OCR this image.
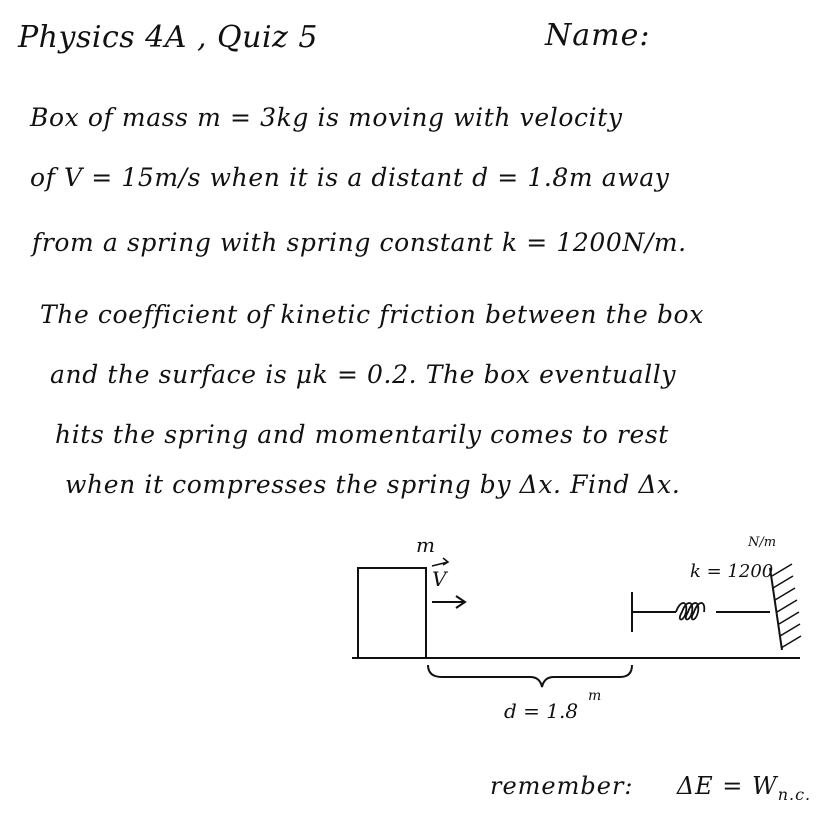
Physics 4A , Quiz 5	Name:
Box of mass m = 3kg is moving with velocity
of V = 15m/s when it is a distant d = 1.8m away
from a spring with spring constant k = 1200N/m.
The coefficient of kinetic friction between the box
and the surface is μk = 0.2. The box eventually
hits the spring and momentarily comes to rest
when it compresses the spring by Δx. Find Δx.
m
V
N/m
k = 1200
d = 1.8
m
remember: $\Delta E = W_{n.c.}$
